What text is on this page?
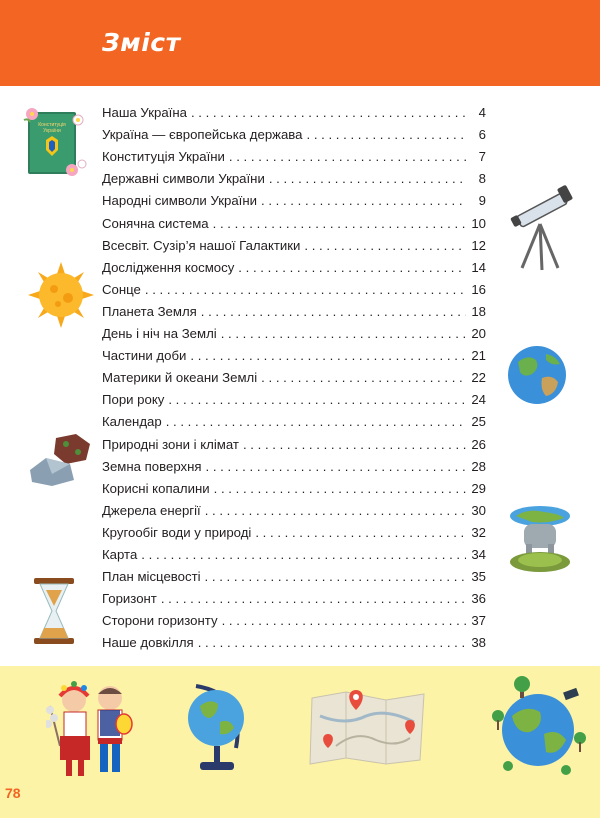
Зміст
Наша Україна . . .	4
Україна — європейська держава . . .	6
Конституція України . . .	7
Державні символи України . . .	8
Народні символи України . . .	9
Сонячна система . . .	10
Всесвіт. Сузір’я нашої Галактики . . .	12
Дослідження космосу . . .	14
Сонце . . .	16
Планета Земля . . .	18
День і ніч на Землі . . .	20
Частини доби . . .	21
Материки й океани Землі . . .	22
Пори року . . .	24
Календар . . .	25
Природні зони і клімат . . .	26
Земна поверхня . . .	28
Корисні копалини . . .	29
Джерела енергії . . .	30
Кругообіг води у природі . . .	32
Карта . . .	34
План місцевості . . .	35
Горизонт . . .	36
Сторони горизонту . . .	37
Наше довкілля . . .	38
Конституція
України
78
